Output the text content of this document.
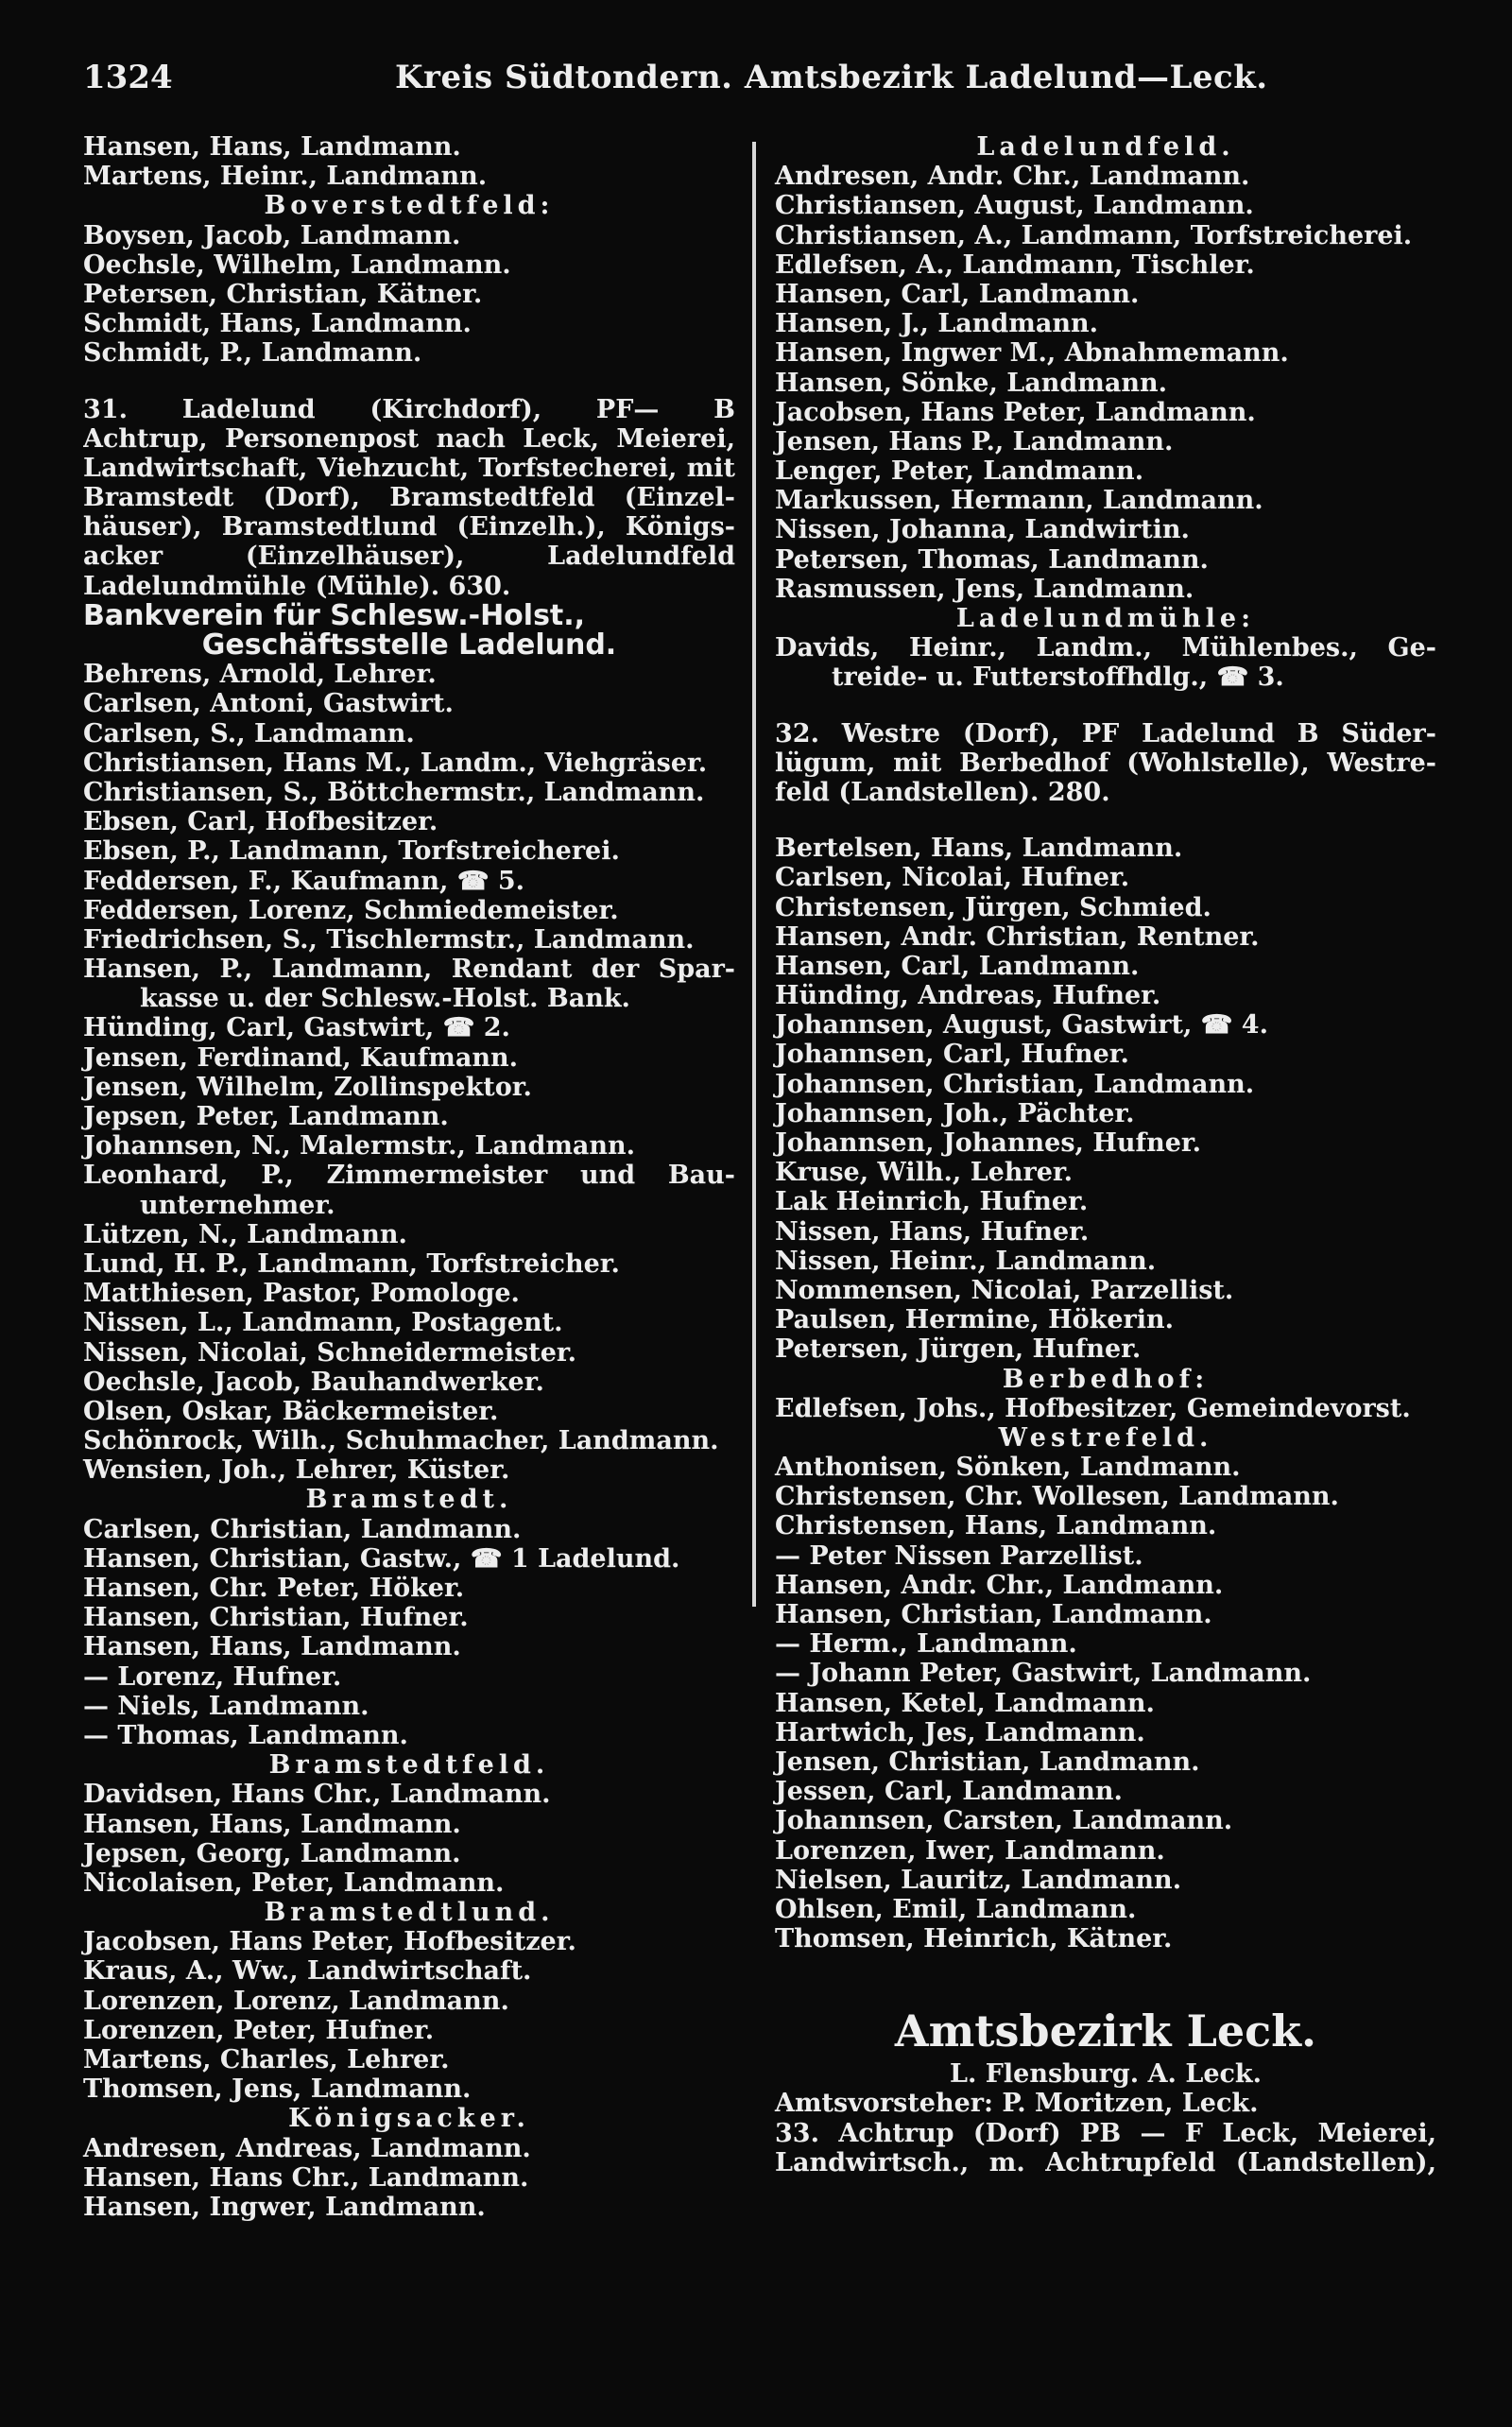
1324	Kreis Südtondern. Amtsbezirk Ladelund—Leck.
Hansen, Hans, Landmann.
Martens, Heinr., Landmann.
Boverstedtfeld:
Boysen, Jacob, Landmann.
Oechsle, Wilhelm, Landmann.
Petersen, Christian, Kätner.
Schmidt, Hans, Landmann.
Schmidt, P., Landmann.
31. Ladelund (Kirchdorf), PF— B
Achtrup, Personenpost nach Leck, Meierei,
Landwirtschaft, Viehzucht, Torfstecherei, mit
Bramstedt (Dorf), Bramstedtfeld (Einzel-
häuser), Bramstedtlund (Einzelh.), Königs-
acker (Einzelhäuser), Ladelundfeld
Ladelundmühle (Mühle). 630.
Bankverein für Schlesw.-Holst.,
Geschäftsstelle Ladelund.
Behrens, Arnold, Lehrer.
Carlsen, Antoni, Gastwirt.
Carlsen, S., Landmann.
Christiansen, Hans M., Landm., Viehgräser.
Christiansen, S., Böttchermstr., Landmann.
Ebsen, Carl, Hofbesitzer.
Ebsen, P., Landmann, Torfstreicherei.
Feddersen, F., Kaufmann, ☎ 5.
Feddersen, Lorenz, Schmiedemeister.
Friedrichsen, S., Tischlermstr., Landmann.
Hansen, P., Landmann, Rendant der Spar-
kasse u. der Schlesw.-Holst. Bank.
Hünding, Carl, Gastwirt, ☎ 2.
Jensen, Ferdinand, Kaufmann.
Jensen, Wilhelm, Zollinspektor.
Jepsen, Peter, Landmann.
Johannsen, N., Malermstr., Landmann.
Leonhard, P., Zimmermeister und Bau-
unternehmer.
Lützen, N., Landmann.
Lund, H. P., Landmann, Torfstreicher.
Matthiesen, Pastor, Pomologe.
Nissen, L., Landmann, Postagent.
Nissen, Nicolai, Schneidermeister.
Oechsle, Jacob, Bauhandwerker.
Olsen, Oskar, Bäckermeister.
Schönrock, Wilh., Schuhmacher, Landmann.
Wensien, Joh., Lehrer, Küster.
Bramstedt.
Carlsen, Christian, Landmann.
Hansen, Christian, Gastw., ☎ 1 Ladelund.
Hansen, Chr. Peter, Höker.
Hansen, Christian, Hufner.
Hansen, Hans, Landmann.
— Lorenz, Hufner.
— Niels, Landmann.
— Thomas, Landmann.
Bramstedtfeld.
Davidsen, Hans Chr., Landmann.
Hansen, Hans, Landmann.
Jepsen, Georg, Landmann.
Nicolaisen, Peter, Landmann.
Bramstedtlund.
Jacobsen, Hans Peter, Hofbesitzer.
Kraus, A., Ww., Landwirtschaft.
Lorenzen, Lorenz, Landmann.
Lorenzen, Peter, Hufner.
Martens, Charles, Lehrer.
Thomsen, Jens, Landmann.
Königsacker.
Andresen, Andreas, Landmann.
Hansen, Hans Chr., Landmann.
Hansen, Ingwer, Landmann.
Ladelundfeld.
Andresen, Andr. Chr., Landmann.
Christiansen, August, Landmann.
Christiansen, A., Landmann, Torfstreicherei.
Edlefsen, A., Landmann, Tischler.
Hansen, Carl, Landmann.
Hansen, J., Landmann.
Hansen, Ingwer M., Abnahmemann.
Hansen, Sönke, Landmann.
Jacobsen, Hans Peter, Landmann.
Jensen, Hans P., Landmann.
Lenger, Peter, Landmann.
Markussen, Hermann, Landmann.
Nissen, Johanna, Landwirtin.
Petersen, Thomas, Landmann.
Rasmussen, Jens, Landmann.
Ladelundmühle:
Davids, Heinr., Landm., Mühlenbes., Ge-
treide- u. Futterstoffhdlg., ☎ 3.
32. Westre (Dorf), PF Ladelund B Süder-
lügum, mit Berbedhof (Wohlstelle), Westre-
feld (Landstellen). 280.
Bertelsen, Hans, Landmann.
Carlsen, Nicolai, Hufner.
Christensen, Jürgen, Schmied.
Hansen, Andr. Christian, Rentner.
Hansen, Carl, Landmann.
Hünding, Andreas, Hufner.
Johannsen, August, Gastwirt, ☎ 4.
Johannsen, Carl, Hufner.
Johannsen, Christian, Landmann.
Johannsen, Joh., Pächter.
Johannsen, Johannes, Hufner.
Kruse, Wilh., Lehrer.
Lak Heinrich, Hufner.
Nissen, Hans, Hufner.
Nissen, Heinr., Landmann.
Nommensen, Nicolai, Parzellist.
Paulsen, Hermine, Hökerin.
Petersen, Jürgen, Hufner.
Berbedhof:
Edlefsen, Johs., Hofbesitzer, Gemeindevorst.
Westrefeld.
Anthonisen, Sönken, Landmann.
Christensen, Chr. Wollesen, Landmann.
Christensen, Hans, Landmann.
— Peter Nissen Parzellist.
Hansen, Andr. Chr., Landmann.
Hansen, Christian, Landmann.
— Herm., Landmann.
— Johann Peter, Gastwirt, Landmann.
Hansen, Ketel, Landmann.
Hartwich, Jes, Landmann.
Jensen, Christian, Landmann.
Jessen, Carl, Landmann.
Johannsen, Carsten, Landmann.
Lorenzen, Iwer, Landmann.
Nielsen, Lauritz, Landmann.
Ohlsen, Emil, Landmann.
Thomsen, Heinrich, Kätner.
Amtsbezirk Leck.
L. Flensburg. A. Leck.
Amtsvorsteher: P. Moritzen, Leck.
33. Achtrup (Dorf) PB — F Leck, Meierei,
Landwirtsch., m. Achtrupfeld (Landstellen),
